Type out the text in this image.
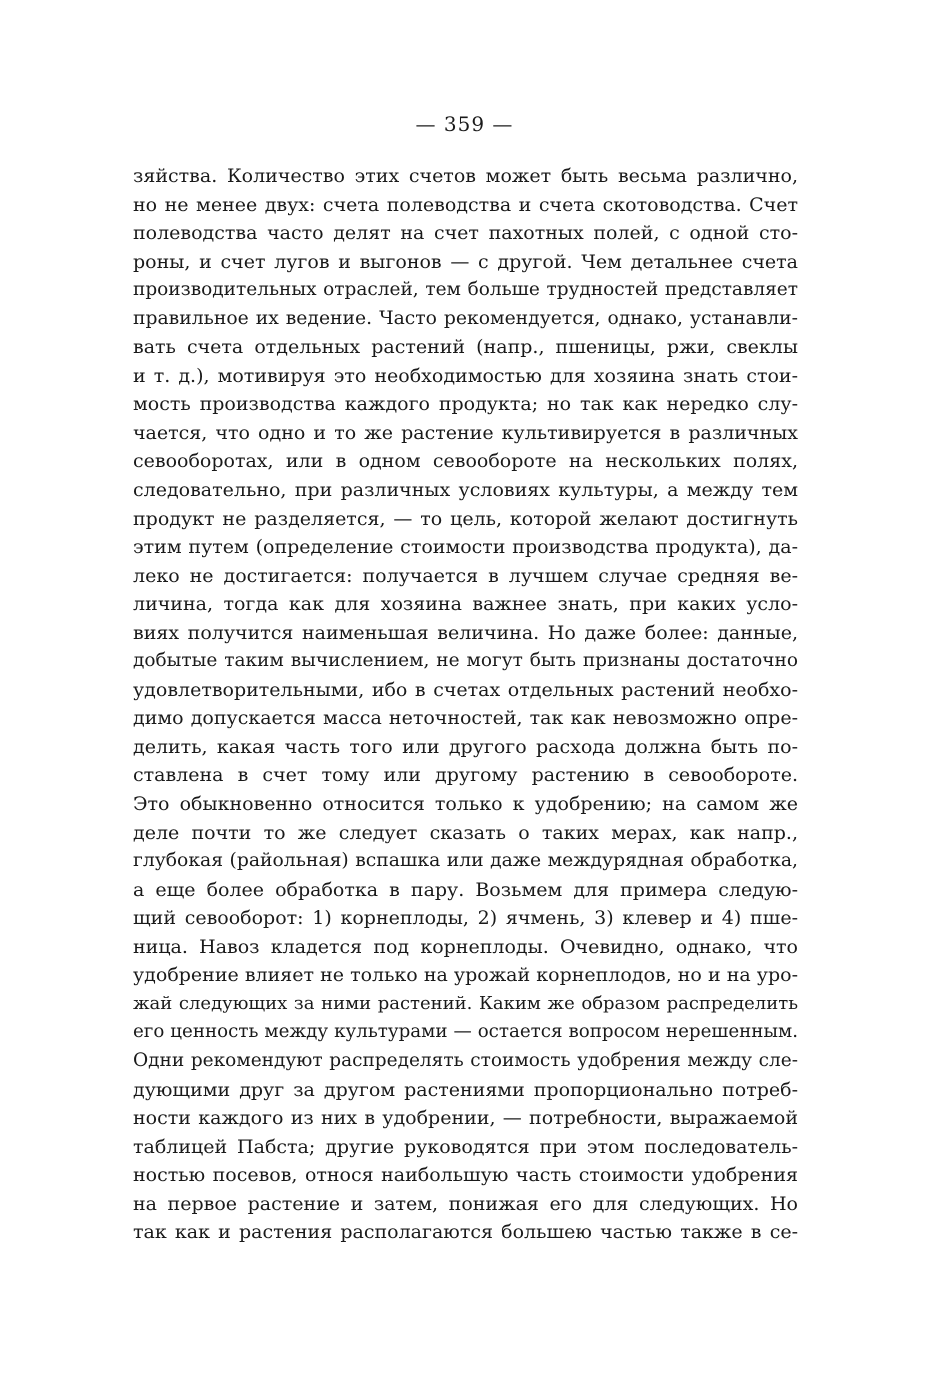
— 359 —
зяйства. Количество этих счетов может быть весьма различно,
но не менее двух: счета полеводства и счета скотоводства. Счет
полеводства часто делят на счет пахотных полей, с одной сто-
роны, и счет лугов и выгонов — с другой. Чем детальнее счета
производительных отраслей, тем больше трудностей представляет
правильное их ведение. Часто рекомендуется, однако, устанавли-
вать счета отдельных растений (напр., пшеницы, ржи, свеклы
и т. д.), мотивируя это необходимостью для хозяина знать стои-
мость производства каждого продукта; но так как нередко слу-
чается, что одно и то же растение культивируется в различных
севооборотах, или в одном севообороте на нескольких полях,
следовательно, при различных условиях культуры, а между тем
продукт не разделяется, — то цель, которой желают достигнуть
этим путем (определение стоимости производства продукта), да-
леко не достигается: получается в лучшем случае средняя ве-
личина, тогда как для хозяина важнее знать, при каких усло-
виях получится наименьшая величина. Но даже более: данные,
добытые таким вычислением, не могут быть признаны достаточно
удовлетворительными, ибо в счетах отдельных растений необхо-
димо допускается масса неточностей, так как невозможно опре-
делить, какая часть того или другого расхода должна быть по-
ставлена в счет тому или другому растению в севообороте.
Это обыкновенно относится только к удобрению; на самом же
деле почти то же следует сказать о таких мерах, как напр.,
глубокая (райольная) вспашка или даже междурядная обработка,
а еще более обработка в пару. Возьмем для примера следую-
щий севооборот: 1) корнеплоды, 2) ячмень, 3) клевер и 4) пше-
ница. Навоз кладется под корнеплоды. Очевидно, однако, что
удобрение влияет не только на урожай корнеплодов, но и на уро-
жай следующих за ними растений. Каким же образом распределить
его ценность между культурами — остается вопросом нерешенным.
Одни рекомендуют распределять стоимость удобрения между сле-
дующими друг за другом растениями пропорционально потреб-
ности каждого из них в удобрении, — потребности, выражаемой
таблицей Пабста; другие руководятся при этом последователь-
ностью посевов, относя наибольшую часть стоимости удобрения
на первое растение и затем, понижая его для следующих. Но
так как и растения располагаются большею частью также в се-
